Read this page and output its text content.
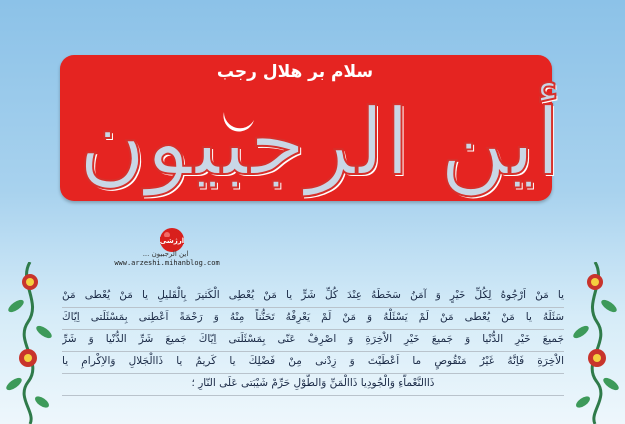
أين الرجبيون
سلام بر هلال رجب
ارژشی
اين الرجبيون ...
www.arzeshi.mihanblog.com
يا مَنْ اَرْجُوهُ لِكُلِّ خَيْرٍ وَ آمَنُ سَخَطَهُ عِنْدَ كُلِّ شَرٍّ يا مَنْ يُعْطِى الْكَثيرَ بِالْقَليلِ يا مَنْ يُعْطى مَنْ
سَئَلَهُ يا مَنْ يُعْطى مَنْ لَمْ يَسْئَلْهُ وَ مَنْ لَمْ يَعْرِفْهُ تَحَنُّناً مِنْهُ وَ رَحْمَةً اَعْطِنى بِمَسْئَلَتى اِيّاكَ
جَميعَ خَيْرِ الدُّنْيا وَ جَميعَ خَيْرِ الاْخِرَةِ وَ اصْرِفْ عَنّى بِمَسْئَلَتى اِيّاكَ جَميعَ شَرِّ الدُّنْيا وَ شَرِّ
الاْخِرَةِ فَاِنَّهُ غَيْرُ مَنْقُوصٍ ما اَعْطَيْتَ وَ زِدْنى مِنْ فَضْلِكَ يا كَريمُ يا ذَاالْجَلالِ وَالاِكْرامِ يا
ذَاالنَّعْماَّءِ وَالْجُودِيا ذَاالْمَنِّ وَالطَّوْلِ حَرِّمْ شَيْبَتى عَلَى النّارِ ؛
